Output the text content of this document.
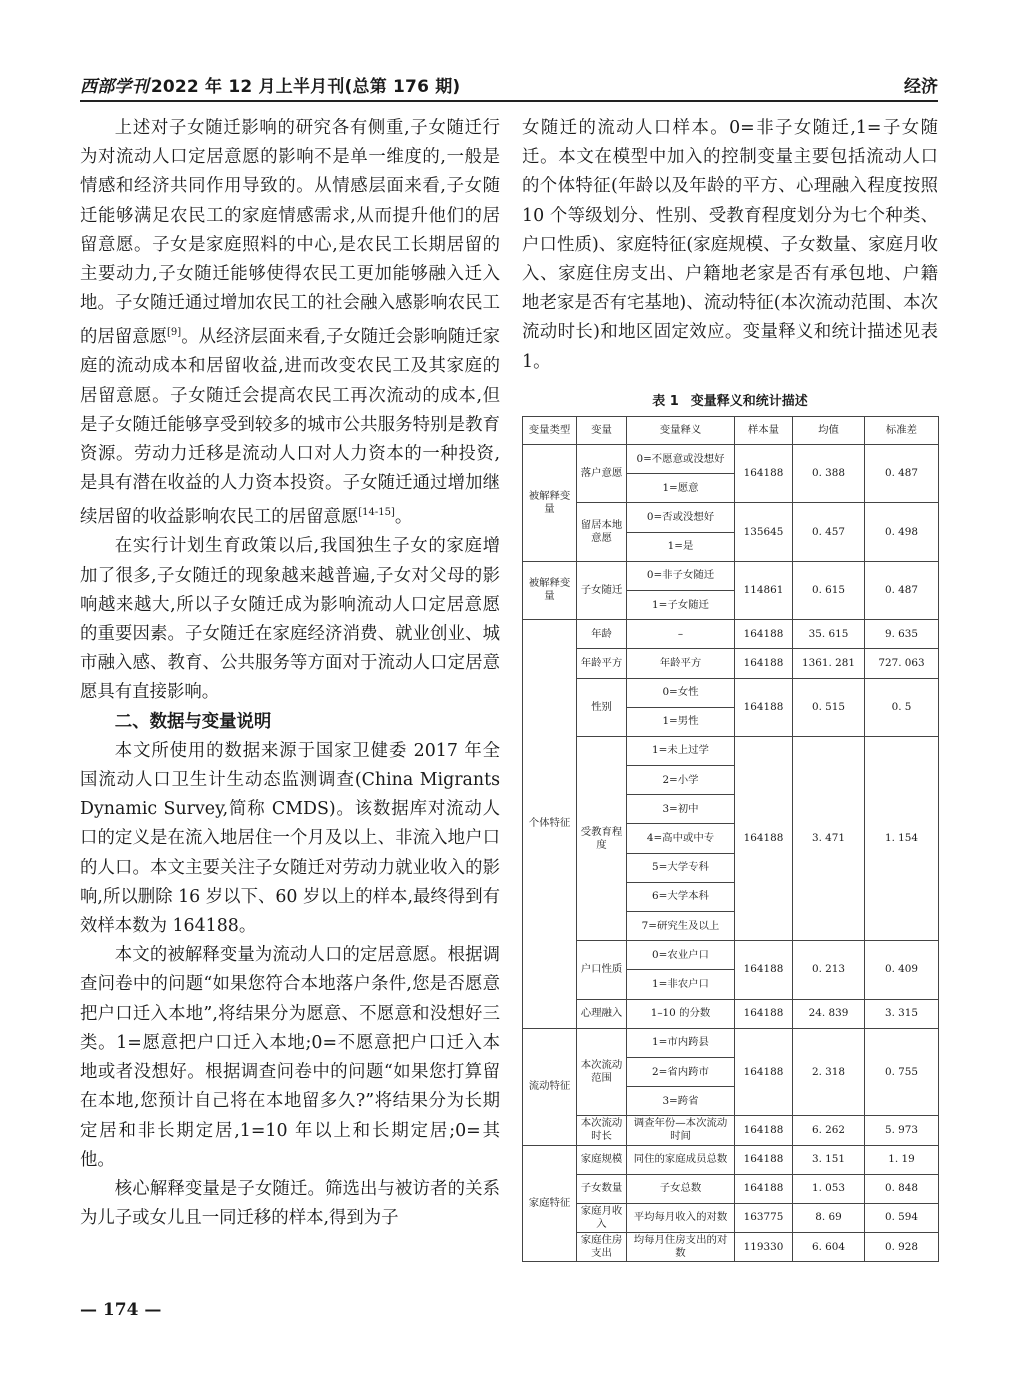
西部学刊 2022 年 12 月上半月刊(总第 176 期)	经济

上述对子女随迁影响的研究各有侧重,子女随迁行为对流动人口定居意愿的影响不是单一维度的,一般是情感和经济共同作用导致的。从情感层面来看,子女随迁能够满足农民工的家庭情感需求,从而提升他们的居留意愿。子女是家庭照料的中心,是农民工长期居留的主要动力,子女随迁能够使得农民工更加能够融入迁入地。子女随迁通过增加农民工的社会融入感影响农民工的居留意愿[9]。从经济层面来看,子女随迁会影响随迁家庭的流动成本和居留收益,进而改变农民工及其家庭的居留意愿。子女随迁会提高农民工再次流动的成本,但是子女随迁能够享受到较多的城市公共服务特别是教育资源。劳动力迁移是流动人口对人力资本的一种投资,是具有潜在收益的人力资本投资。子女随迁通过增加继续居留的收益影响农民工的居留意愿[14-15]。

在实行计划生育政策以后,我国独生子女的家庭增加了很多,子女随迁的现象越来越普遍,子女对父母的影响越来越大,所以子女随迁成为影响流动人口定居意愿的重要因素。子女随迁在家庭经济消费、就业创业、城市融入感、教育、公共服务等方面对于流动人口定居意愿具有直接影响。

二、数据与变量说明

本文所使用的数据来源于国家卫健委 2017 年全国流动人口卫生计生动态监测调查(China Migrants Dynamic Survey,简称 CMDS)。该数据库对流动人口的定义是在流入地居住一个月及以上、非流入地户口的人口。本文主要关注子女随迁对劳动力就业收入的影响,所以删除 16 岁以下、60 岁以上的样本,最终得到有效样本数为 164188。

本文的被解释变量为流动人口的定居意愿。根据调查问卷中的问题“如果您符合本地落户条件,您是否愿意把户口迁入本地”,将结果分为愿意、不愿意和没想好三类。1=愿意把户口迁入本地;0=不愿意把户口迁入本地或者没想好。根据调查问卷中的问题“如果您打算留在本地,您预计自己将在本地留多久?”将结果分为长期定居和非长期定居,1=10 年以上和长期定居;0=其他。

核心解释变量是子女随迁。筛选出与被访者的关系为儿子或女儿且一同迁移的样本,得到为子

女随迁的流动人口样本。0=非子女随迁,1=子女随迁。本文在模型中加入的控制变量主要包括流动人口的个体特征(年龄以及年龄的平方、心理融入程度按照 10 个等级划分、性别、受教育程度划分为七个种类、户口性质)、家庭特征(家庭规模、子女数量、家庭月收入、家庭住房支出、户籍地老家是否有承包地、户籍地老家是否有宅基地)、流动特征(本次流动范围、本次流动时长)和地区固定效应。变量释义和统计描述见表 1。

表 1 变量释义和统计描述
变量类型	变量	变量释义	样本量	均值	标准差
被解释变量	落户意愿	0=不愿意或没想好	164188	0. 388	0. 487
		1=愿意			
	留居本地意愿	0=否或没想好	135645	0. 457	0. 498
		1=是			
被解释变量	子女随迁	0=非子女随迁	114861	0. 615	0. 487
		1=子女随迁			
个体特征	年龄	–	164188	35. 615	9. 635
	年龄平方	年龄平方	164188	1361. 281	727. 063
	性别	0=女性	164188	0. 515	0. 5
		1=男性			
	受教育程度	1=未上过学	164188	3. 471	1. 154
		2=小学			
		3=初中			
		4=高中或中专			
		5=大学专科			
		6=大学本科			
		7=研究生及以上			
	户口性质	0=农业户口	164188	0. 213	0. 409
		1=非农户口			
	心理融入	1–10 的分数	164188	24. 839	3. 315
流动特征	本次流动范围	1=市内跨县	164188	2. 318	0. 755
		2=省内跨市			
		3=跨省			
	本次流动时长	调查年份—本次流动时间	164188	6. 262	5. 973
家庭特征	家庭规模	同住的家庭成员总数	164188	3. 151	1. 19
	子女数量	子女总数	164188	1. 053	0. 848
	家庭月收入	平均每月收入的对数	163775	8. 69	0. 594
	家庭住房支出	均每月住房支出的对数	119330	6. 604	0. 928
— 174 —
